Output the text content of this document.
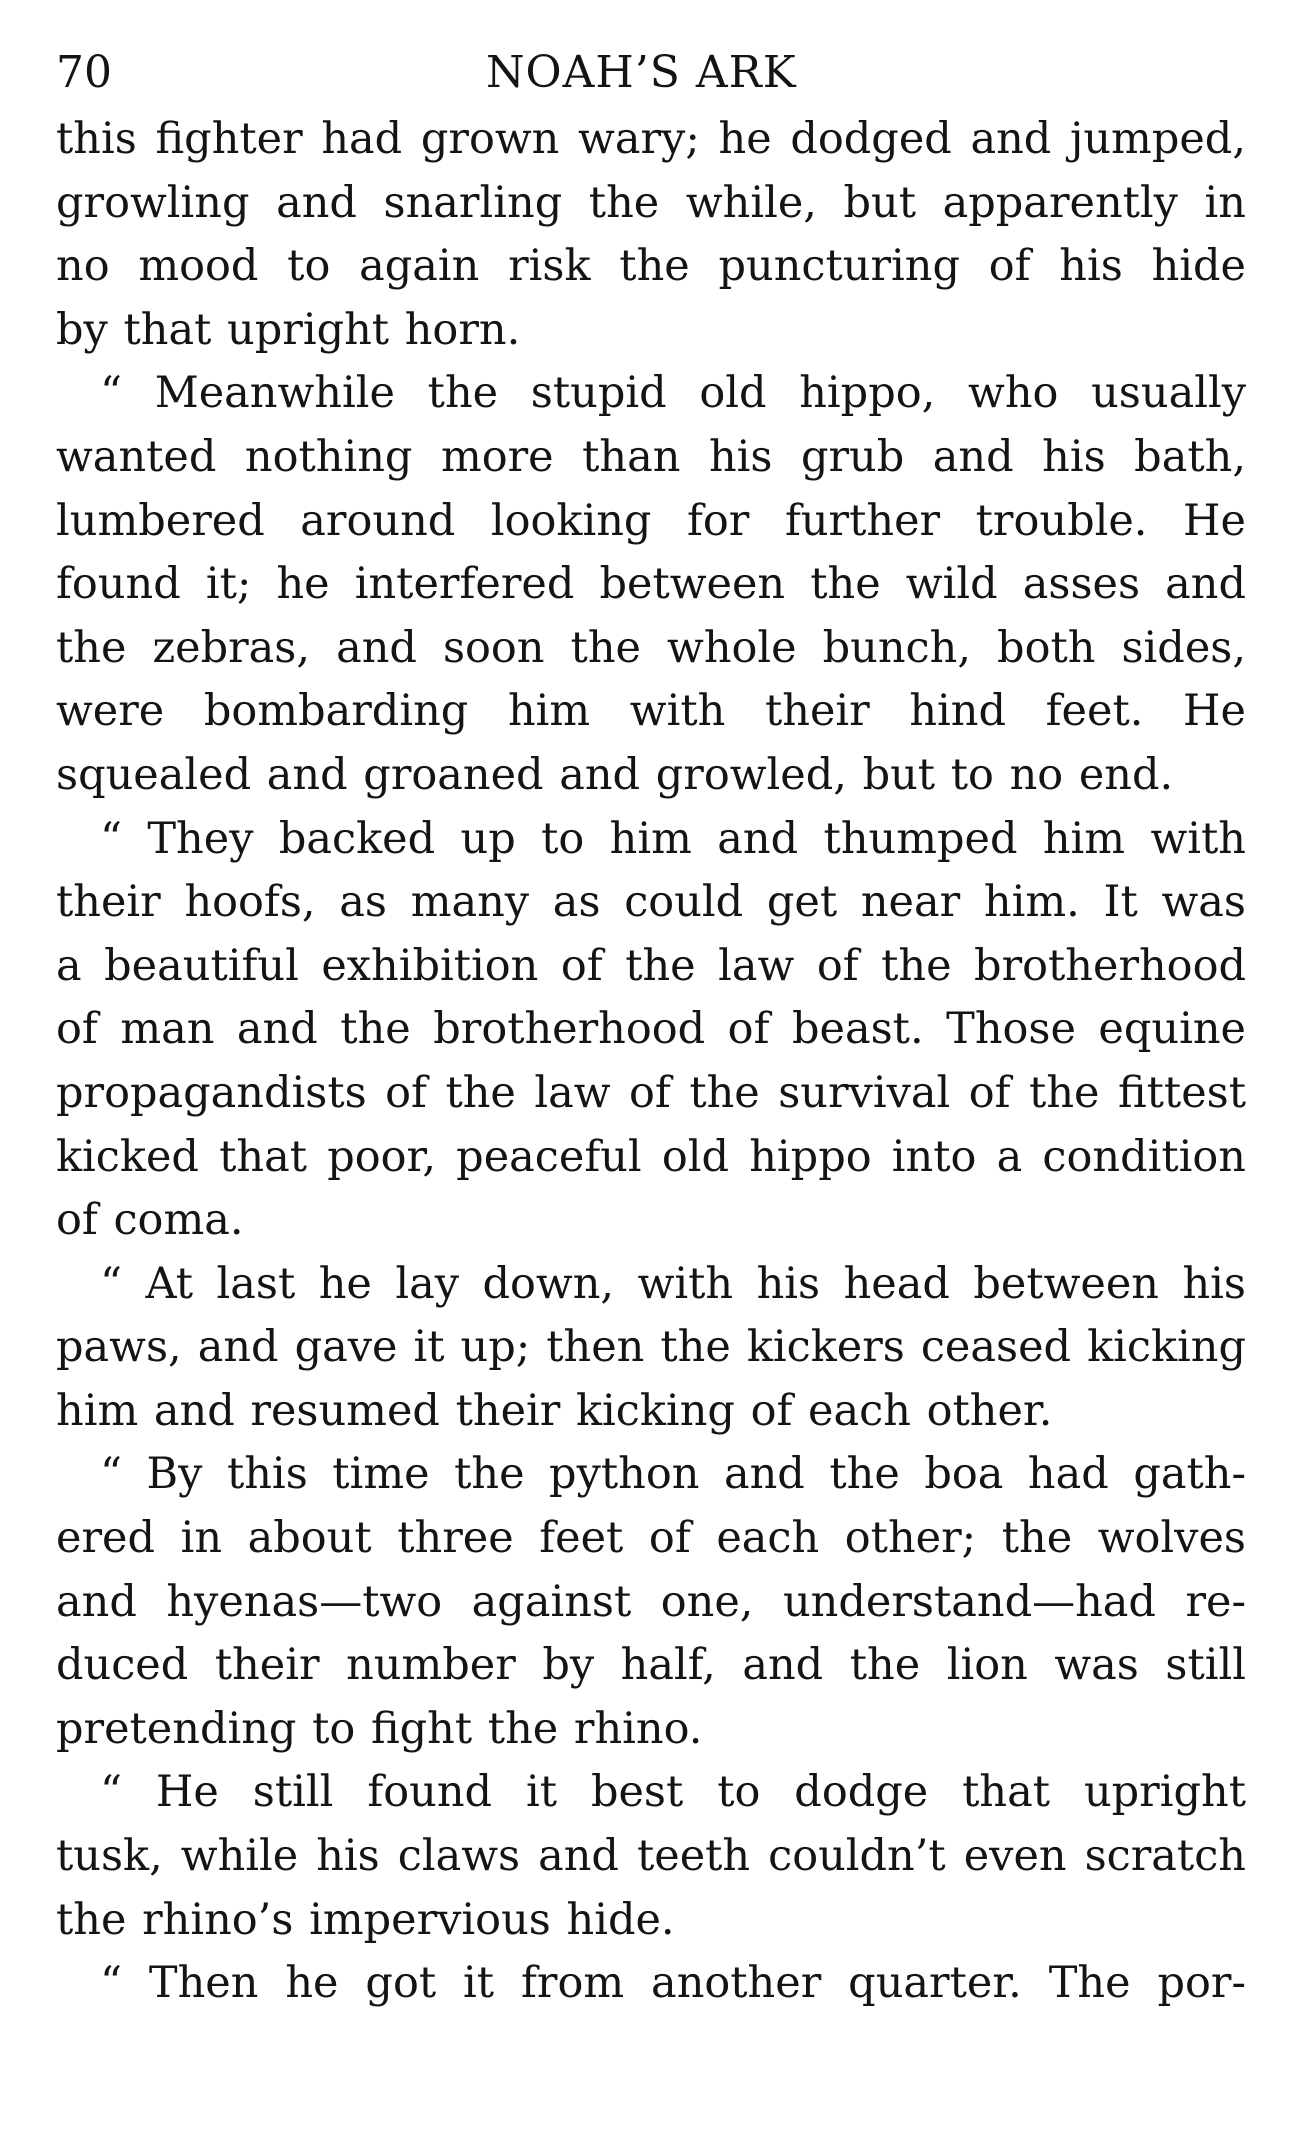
70	NOAH’S ARK
this fighter had grown wary; he dodged and jumped,
growling and snarling the while, but apparently in
no mood to again risk the puncturing of his hide
by that upright horn.
“ Meanwhile the stupid old hippo, who usually
wanted nothing more than his grub and his bath,
lumbered around looking for further trouble. He
found it; he interfered between the wild asses and
the zebras, and soon the whole bunch, both sides,
were bombarding him with their hind feet. He
squealed and groaned and growled, but to no end.
“ They backed up to him and thumped him with
their hoofs, as many as could get near him. It was
a beautiful exhibition of the law of the brotherhood
of man and the brotherhood of beast. Those equine
propagandists of the law of the survival of the fittest
kicked that poor, peaceful old hippo into a condition
of coma.
“ At last he lay down, with his head between his
paws, and gave it up; then the kickers ceased kicking
him and resumed their kicking of each other.
“ By this time the python and the boa had gath-
ered in about three feet of each other; the wolves
and hyenas—two against one, understand—had re-
duced their number by half, and the lion was still
pretending to fight the rhino.
“ He still found it best to dodge that upright
tusk, while his claws and teeth couldn’t even scratch
the rhino’s impervious hide.
“ Then he got it from another quarter. The por-
